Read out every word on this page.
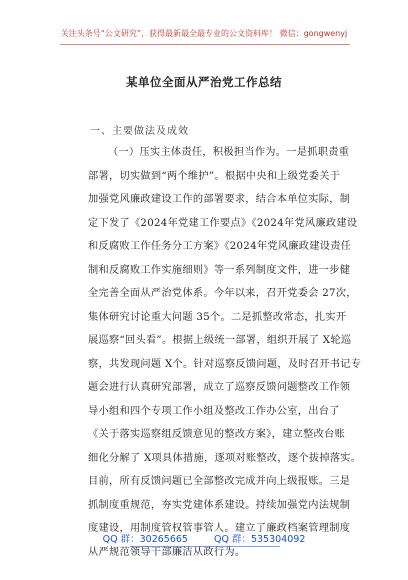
关注头条号“公文研究”，获得最新最全最专业的公文资料库！ 微信：gongwenyj
某单位全面从严治党工作总结
一、主要做法及成效
（一）压实主体责任，积极担当作为。一是抓职责重
部署，切实做到“两个维护”。根据中央和上级党委关于
加强党风廉政建设工作的部署要求，结合本单位实际，制
定下发了《2024年党建工作要点》《2024年党风廉政建设
和反腐败工作任务分工方案》《2024年党风廉政建设责任
制和反腐败工作实施细则》等一系列制度文件，进一步健
全完善全面从严治党体系。今年以来，召开党委会 27次，
集体研究讨论重大问题 35个。二是抓整改常态，扎实开
展巡察“回头看”。根据上级统一部署，组织开展了 X轮巡
察，共发现问题 X个。针对巡察反馈问题，及时召开书记专
题会进行认真研究部署，成立了巡察反馈问题整改工作领
导小组和四个专项工作小组及整改工作办公室，出台了
《关于落实巡察组反馈意见的整改方案》，建立整改台账
细化分解了 X项具体措施，逐项对账整改，逐个拔掉落实。
目前，所有反馈问题已全部整改完成并向上级报账。三是
抓制度重规范，夯实党建体系建设。持续加强党内法规制
度建设，用制度管权管事管人。建立了廉政档案管理制度
从严规范领导干部廉洁从政行为。
QQ 群：30265665	QQ 群：535304092
